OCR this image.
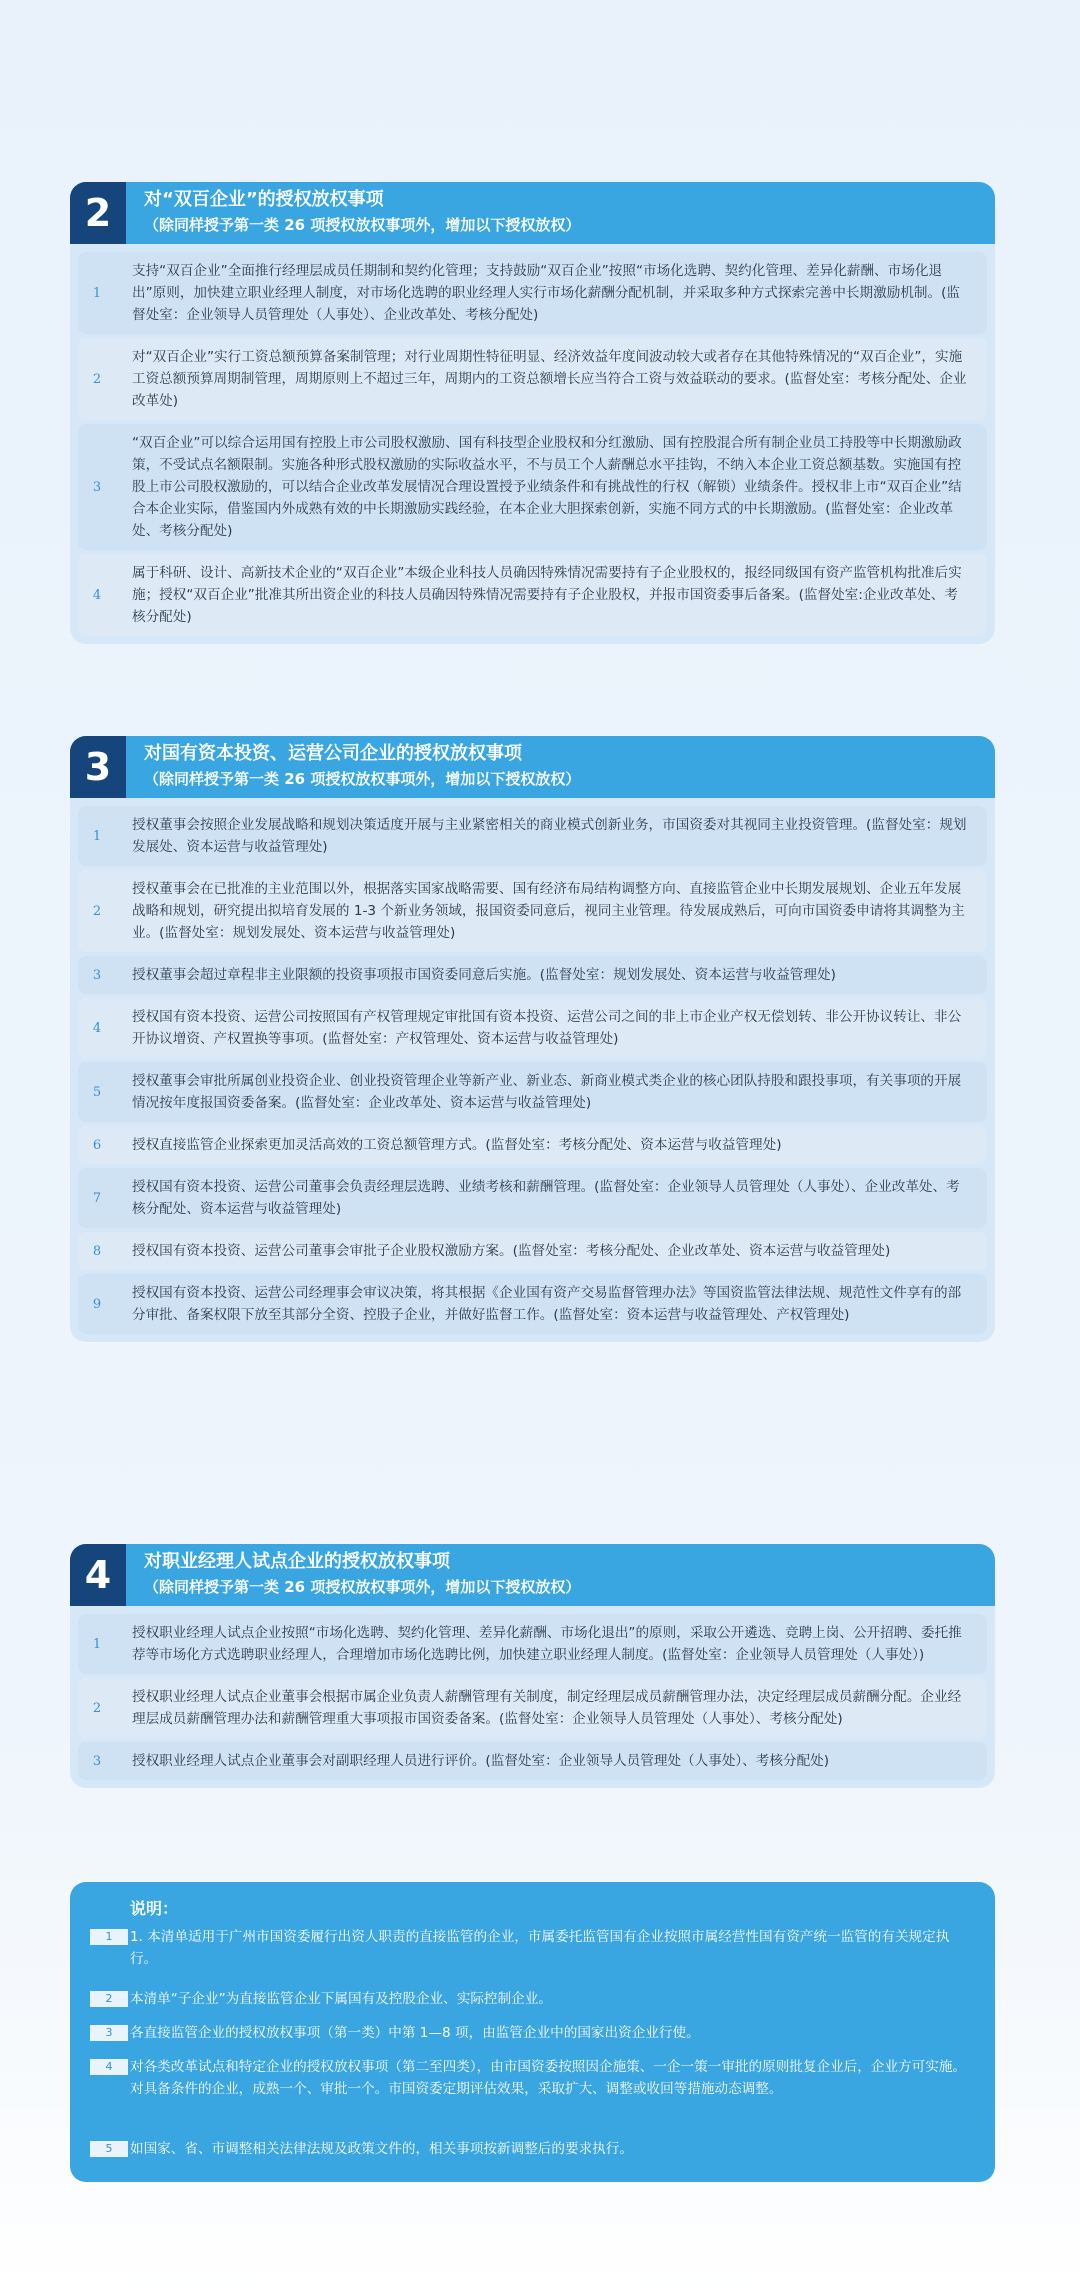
2	对“双百企业”的授权放权事项
（除同样授予第一类 26 项授权放权事项外，增加以下授权放权）
1
支持“双百企业”全面推行经理层成员任期制和契约化管理；支持鼓励“双百企业”按照“市场化选聘、契约化管理、差异化薪酬、市场化退出”原则，加快建立职业经理人制度，对市场化选聘的职业经理人实行市场化薪酬分配机制，并采取多种方式探索完善中长期激励机制。(监督处室：企业领导人员管理处（人事处）、企业改革处、考核分配处)
2
对“双百企业”实行工资总额预算备案制管理；对行业周期性特征明显、经济效益年度间波动较大或者存在其他特殊情况的“双百企业”，实施工资总额预算周期制管理，周期原则上不超过三年，周期内的工资总额增长应当符合工资与效益联动的要求。(监督处室：考核分配处、企业改革处)
3
“双百企业”可以综合运用国有控股上市公司股权激励、国有科技型企业股权和分红激励、国有控股混合所有制企业员工持股等中长期激励政策，不受试点名额限制。实施各种形式股权激励的实际收益水平，不与员工个人薪酬总水平挂钩，不纳入本企业工资总额基数。实施国有控股上市公司股权激励的，可以结合企业改革发展情况合理设置授予业绩条件和有挑战性的行权（解锁）业绩条件。授权非上市“双百企业”结合本企业实际，借鉴国内外成熟有效的中长期激励实践经验，在本企业大胆探索创新，实施不同方式的中长期激励。(监督处室：企业改革处、考核分配处)
4
属于科研、设计、高新技术企业的“双百企业”本级企业科技人员确因特殊情况需要持有子企业股权的，报经同级国有资产监管机构批准后实施；授权“双百企业”批准其所出资企业的科技人员确因特殊情况需要持有子企业股权，并报市国资委事后备案。(监督处室:企业改革处、考核分配处)
3	对国有资本投资、运营公司企业的授权放权事项
（除同样授予第一类 26 项授权放权事项外，增加以下授权放权）
1
授权董事会按照企业发展战略和规划决策适度开展与主业紧密相关的商业模式创新业务，市国资委对其视同主业投资管理。(监督处室：规划发展处、资本运营与收益管理处)
2
授权董事会在已批准的主业范围以外，根据落实国家战略需要、国有经济布局结构调整方向、直接监管企业中长期发展规划、企业五年发展战略和规划，研究提出拟培育发展的 1-3 个新业务领域，报国资委同意后，视同主业管理。待发展成熟后，可向市国资委申请将其调整为主业。(监督处室：规划发展处、资本运营与收益管理处)
3	授权董事会超过章程非主业限额的投资事项报市国资委同意后实施。(监督处室：规划发展处、资本运营与收益管理处)
4
授权国有资本投资、运营公司按照国有产权管理规定审批国有资本投资、运营公司之间的非上市企业产权无偿划转、非公开协议转让、非公开协议增资、产权置换等事项。(监督处室：产权管理处、资本运营与收益管理处)
5
授权董事会审批所属创业投资企业、创业投资管理企业等新产业、新业态、新商业模式类企业的核心团队持股和跟投事项，有关事项的开展情况按年度报国资委备案。(监督处室：企业改革处、资本运营与收益管理处)
6	授权直接监管企业探索更加灵活高效的工资总额管理方式。(监督处室：考核分配处、资本运营与收益管理处)
7
授权国有资本投资、运营公司董事会负责经理层选聘、业绩考核和薪酬管理。(监督处室：企业领导人员管理处（人事处）、企业改革处、考核分配处、资本运营与收益管理处)
8	授权国有资本投资、运营公司董事会审批子企业股权激励方案。(监督处室：考核分配处、企业改革处、资本运营与收益管理处)
9
授权国有资本投资、运营公司经理事会审议决策，将其根据《企业国有资产交易监督管理办法》等国资监管法律法规、规范性文件享有的部分审批、备案权限下放至其部分全资、控股子企业，并做好监督工作。(监督处室：资本运营与收益管理处、产权管理处)
4	对职业经理人试点企业的授权放权事项
（除同样授予第一类 26 项授权放权事项外，增加以下授权放权）
1
授权职业经理人试点企业按照“市场化选聘、契约化管理、差异化薪酬、市场化退出”的原则，采取公开遴选、竞聘上岗、公开招聘、委托推荐等市场化方式选聘职业经理人，合理增加市场化选聘比例，加快建立职业经理人制度。(监督处室：企业领导人员管理处（人事处）)
2
授权职业经理人试点企业董事会根据市属企业负责人薪酬管理有关制度，制定经理层成员薪酬管理办法，决定经理层成员薪酬分配。企业经理层成员薪酬管理办法和薪酬管理重大事项报市国资委备案。(监督处室：企业领导人员管理处（人事处）、考核分配处)
3	授权职业经理人试点企业董事会对副职经理人员进行评价。(监督处室：企业领导人员管理处（人事处）、考核分配处)
说明：
1	1. 本清单适用于广州市国资委履行出资人职责的直接监管的企业，市属委托监管国有企业按照市属经营性国有资产统一监管的有关规定执行。
2	本清单“子企业”为直接监管企业下属国有及控股企业、实际控制企业。
3	各直接监管企业的授权放权事项（第一类）中第 1—8 项，由监管企业中的国家出资企业行使。
4	对各类改革试点和特定企业的授权放权事项（第二至四类），由市国资委按照因企施策、一企一策一审批的原则批复企业后，企业方可实施。对具备条件的企业，成熟一个、审批一个。市国资委定期评估效果，采取扩大、调整或收回等措施动态调整。
5	如国家、省、市调整相关法律法规及政策文件的，相关事项按新调整后的要求执行。
